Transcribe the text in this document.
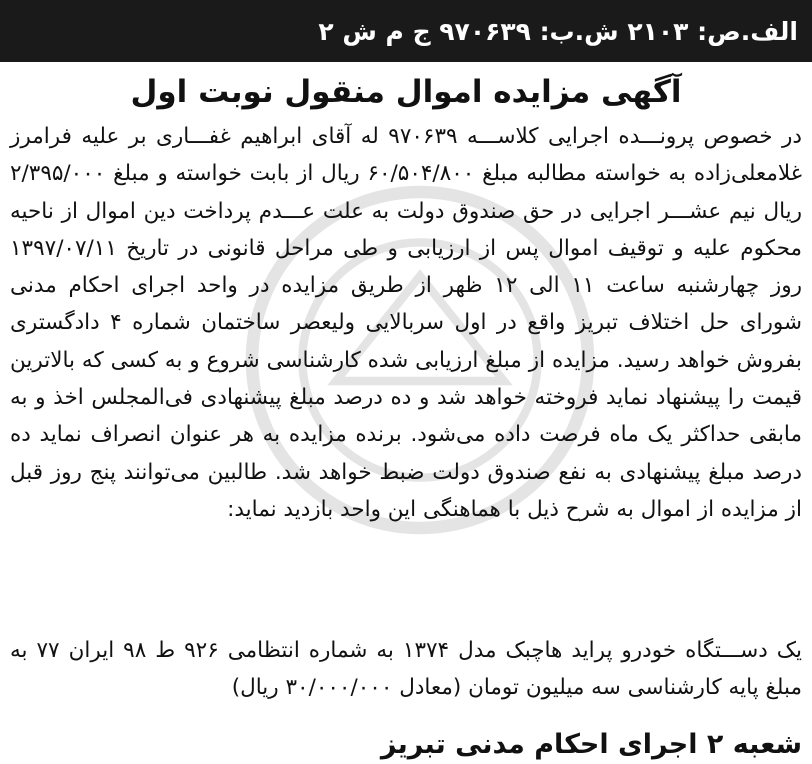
الف.ص: ۲۱۰۳ ش.ب: ۹۷۰۶۳۹ ج م ش ۲
آگهی مزایده اموال منقول نوبت اول

در خصوص پرونـــده اجرایی کلاســـه ۹۷۰۶۳۹ له آقای ابراهیم غفـــاری بر علیه فرامرز غلامعلی‌زاده به خواسته مطالبه مبلغ ۶۰/۵۰۴/۸۰۰ ریال از بابت خواسته و مبلغ ۲/۳۹۵/۰۰۰ ریال نیم عشـــر اجرایی در حق صندوق دولت به علت عـــدم پرداخت دین اموال از ناحیه محکوم علیه و توقیف اموال پس از ارزیابی و طی مراحل قانونی در تاریخ ۱۳۹۷/۰۷/۱۱ روز چهارشنبه ساعت ۱۱ الی ۱۲ ظهر از طریق مزایده در واحد اجرای احکام مدنی شورای حل اختلاف تبریز واقع در اول سربالایی ولیعصر ساختمان شماره ۴ دادگستری بفروش خواهد رسید. مزایده از مبلغ ارزیابی شده کارشناسی شروع و به کسی که بالاترین قیمت را پیشنهاد نماید فروخته خواهد شد و ده درصد مبلغ پیشنهادی فی‌المجلس اخذ و به مابقی حداکثر یک ماه فرصت داده می‌شود. برنده مزایده به هر عنوان انصراف نماید ده درصد مبلغ پیشنهادی به نفع صندوق دولت ضبط خواهد شد. طالبین می‌توانند پنج روز قبل از مزایده از اموال به شرح ذیل با هماهنگی این واحد بازدید نماید:

یک دســـتگاه خودرو پراید هاچبک مدل ۱۳۷۴ به شماره انتظامی ۹۲۶ ط ۹۸ ایران ۷۷ به مبلغ پایه کارشناسی سه میلیون تومان (معادل ۳۰/۰۰۰/۰۰۰ ریال)
شعبه ۲ اجرای احکام مدنی تبریز
